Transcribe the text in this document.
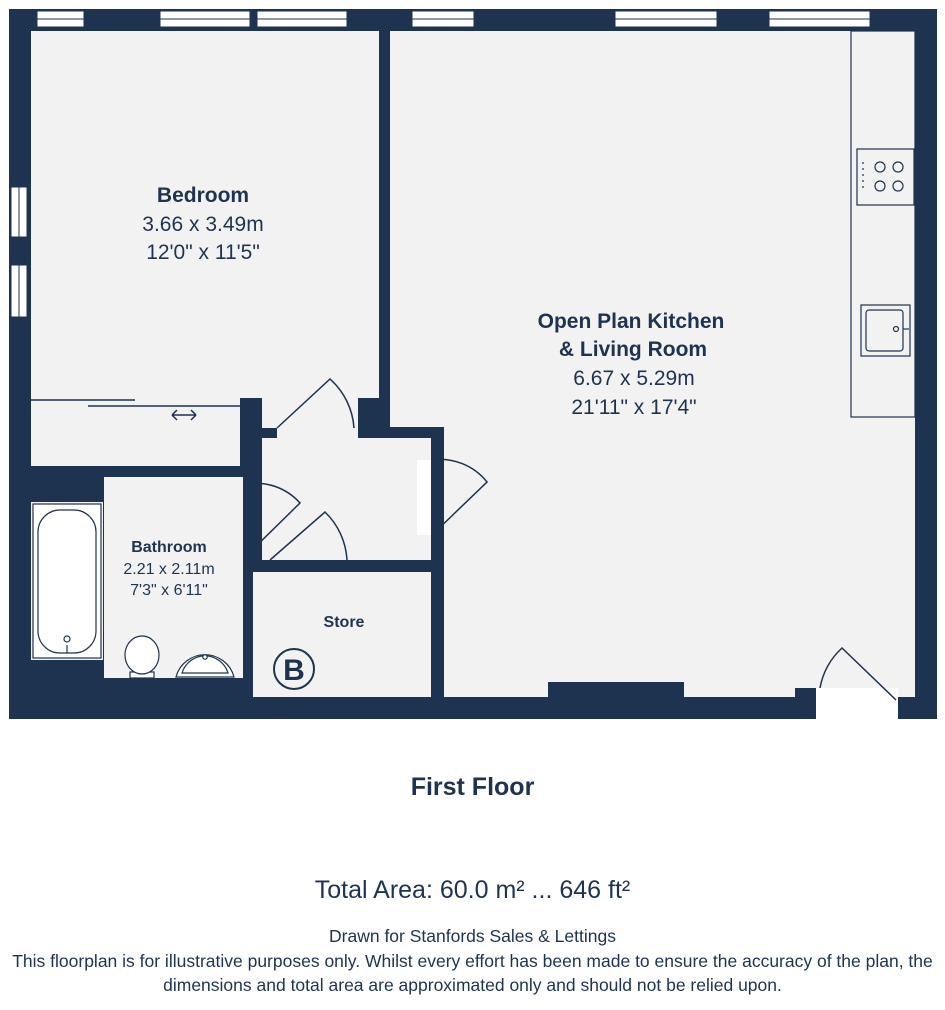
B
Bedroom
3.66 x 3.49m
12'0" x 11'5"
Open Plan Kitchen
& Living Room
6.67 x 5.29m
21'11" x 17'4"
Bathroom
2.21 x 2.11m
7'3" x 6'11"
Store
First Floor
Total Area: 60.0 m² ... 646 ft²
Drawn for Stanfords Sales & Lettings
This floorplan is for illustrative purposes only. Whilst every effort has been made to ensure the accuracy of the plan, the dimensions and total area are approximated only and should not be relied upon.
